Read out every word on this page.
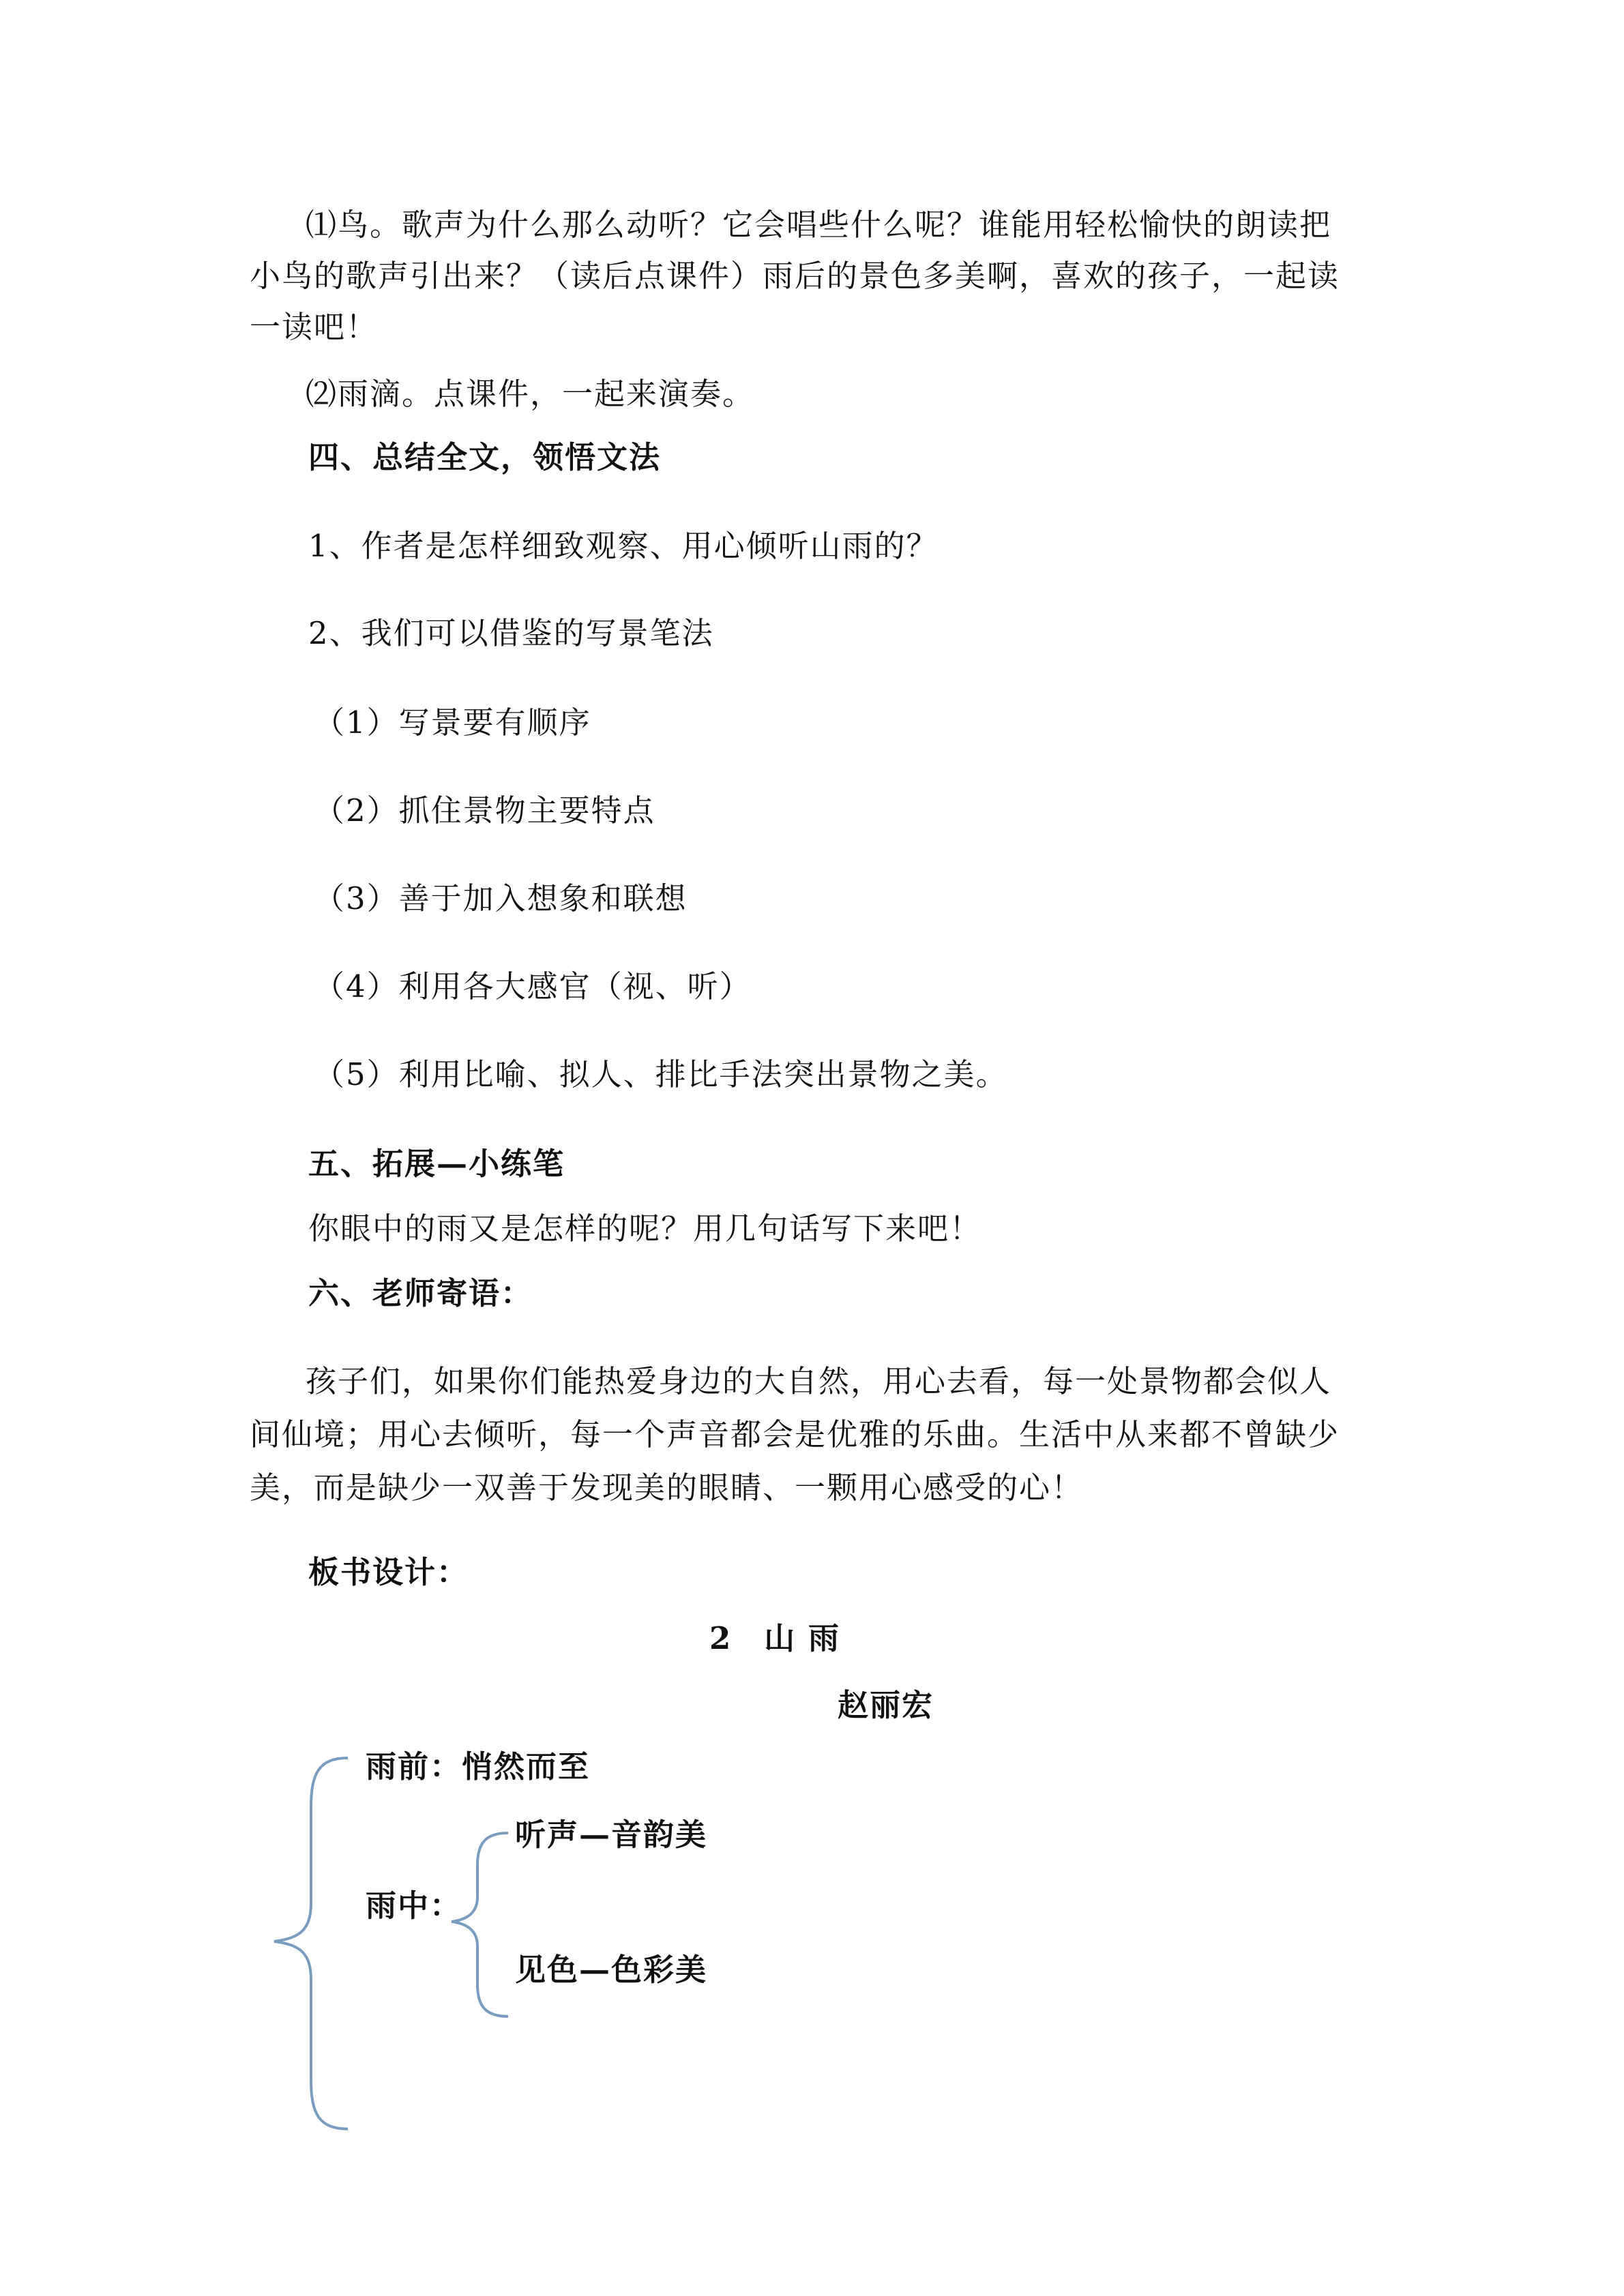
⑴鸟。歌声为什么那么动听？它会唱些什么呢？谁能用轻松愉快的朗读把
小鸟的歌声引出来？（读后点课件）雨后的景色多美啊，喜欢的孩子，一起读
一读吧！
⑵雨滴。点课件，一起来演奏。
四、总结全文，领悟文法
1、作者是怎样细致观察、用心倾听山雨的？
2、我们可以借鉴的写景笔法
（1）写景要有顺序
（2）抓住景物主要特点
（3）善于加入想象和联想
（4）利用各大感官（视、听）
（5）利用比喻、拟人、排比手法突出景物之美。
五、拓展—小练笔
你眼中的雨又是怎样的呢？用几句话写下来吧！
六、老师寄语：
孩子们，如果你们能热爱身边的大自然，用心去看，每一处景物都会似人
间仙境；用心去倾听，每一个声音都会是优雅的乐曲。生活中从来都不曾缺少
美，而是缺少一双善于发现美的眼睛、一颗用心感受的心！
板书设计：
2　山 雨
赵丽宏
雨前：悄然而至
雨中：
听声—音韵美
见色—色彩美
